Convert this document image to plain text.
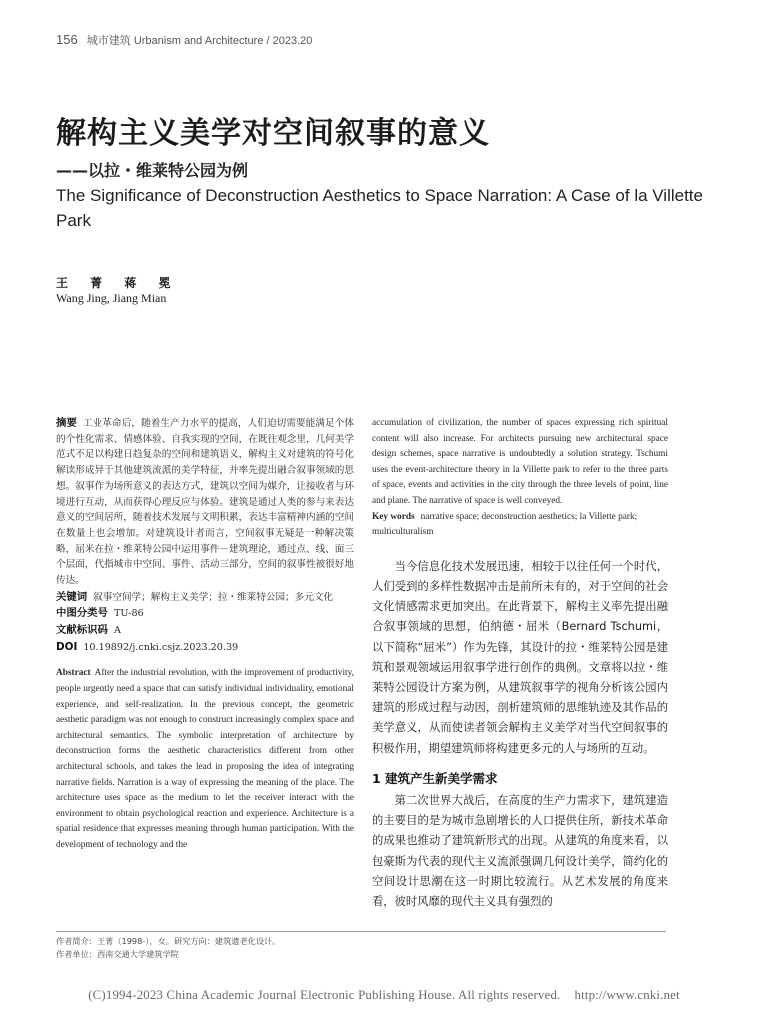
156 城市建筑 Urbanism and Architecture / 2023.20
解构主义美学对空间叙事的意义
——以拉・维莱特公园为例
The Significance of Deconstruction Aesthetics to Space Narration: A Case of la Villette Park
王 菁 蒋 冕
Wang Jing, Jiang Mian
摘要 工业革命后，随着生产力水平的提高，人们迫切需要能满足个体的个性化需求、情感体验、自我实现的空间，在既往观念里，几何美学范式不足以构建日趋复杂的空间和建筑语义，解构主义对建筑的符号化解读形成异于其他建筑流派的美学特征，并率先提出融合叙事领域的思想。叙事作为场所意义的表达方式，建筑以空间为媒介，让接收者与环境进行互动，从而获得心理反应与体验。建筑是通过人类的参与来表达意义的空间居所，随着技术发展与文明积累，表达丰富精神内涵的空间在数量上也会增加。对建筑设计者而言，空间叙事无疑是一种解决策略，屈米在拉・维莱特公园中运用事件－建筑理论，通过点、线、面三个层面，代指城市中空间、事件、活动三部分，空间的叙事性被很好地传达。
关键词 叙事空间学；解构主义美学；拉・维莱特公园；多元文化
中图分类号 TU-86
文献标识码 A
DOI 10.19892/j.cnki.csjz.2023.20.39
Abstract After the industrial revolution, with the improvement of productivity, people urgently need a space that can satisfy individual individuality, emotional experience, and self-realization. In the previous concept, the geometric aesthetic paradigm was not enough to construct increasingly complex space and architectural semantics. The symbolic interpretation of architecture by deconstruction forms the aesthetic characteristics different from other architectural schools, and takes the lead in proposing the idea of integrating narrative fields. Narration is a way of expressing the meaning of the place. The architecture uses space as the medium to let the receiver interact with the environment to obtain psychological reaction and experience. Architecture is a spatial residence that expresses meaning through human participation. With the development of technology and the
accumulation of civilization, the number of spaces expressing rich spiritual content will also increase. For architects pursuing new architectural space design schemes, space narrative is undoubtedly a solution strategy. Tschumi uses the event-architecture theory in la Villette park to refer to the three parts of space, events and activities in the city through the three levels of point, line and plane. The narrative of space is well conveyed.
Key words narrative space; deconstruction aesthetics; la Villette park; multiculturalism

当今信息化技术发展迅速，相较于以往任何一个时代，人们受到的多样性数据冲击是前所未有的，对于空间的社会文化情感需求更加突出。在此背景下，解构主义率先提出融合叙事领域的思想，伯纳德・屈米（Bernard Tschumi，以下简称“屈米”）作为先锋，其设计的拉・维莱特公园是建筑和景观领域运用叙事学进行创作的典例。文章将以拉・维莱特公园设计方案为例，从建筑叙事学的视角分析该公园内建筑的形成过程与动因，剖析建筑师的思维轨迹及其作品的美学意义，从而使读者领会解构主义美学对当代空间叙事的积极作用，期望建筑师将构建更多元的人与场所的互动。

1 建筑产生新美学需求

第二次世界大战后，在高度的生产力需求下，建筑建造的主要目的是为城市急剧增长的人口提供住所，新技术革命的成果也推动了建筑新形式的出现。从建筑的角度来看，以包豪斯为代表的现代主义流派强调几何设计美学，简约化的空间设计思潮在这一时期比较流行。从艺术发展的角度来看，彼时风靡的现代主义具有强烈的

作者简介：王菁（1998-），女。研究方向：建筑遗老化设计。
作者单位：西南交通大学建筑学院
(C)1994-2023 China Academic Journal Electronic Publishing House. All rights reserved. http://www.cnki.net
